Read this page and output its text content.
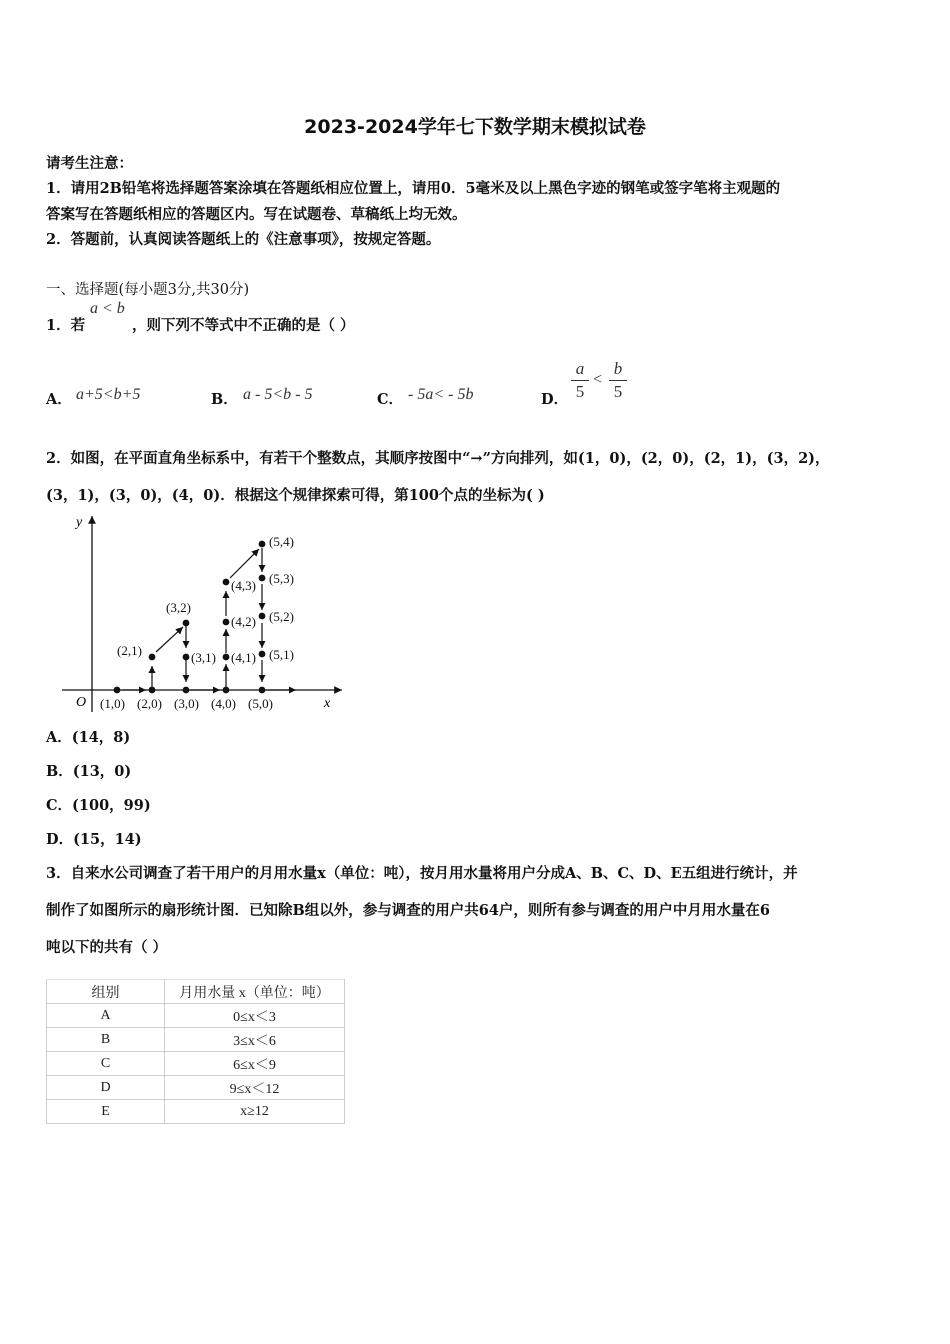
2023-2024学年七下数学期末模拟试卷
请考生注意：
1．请用2B铅笔将选择题答案涂填在答题纸相应位置上，请用0．5毫米及以上黑色字迹的钢笔或签字笔将主观题的
答案写在答题纸相应的答题区内。写在试题卷、草稿纸上均无效。
2．答题前，认真阅读答题纸上的《注意事项》，按规定答题。
一、选择题(每小题3分,共30分)
1．若
a < b
，则下列不等式中不正确的是（ ）
A． a+5<b+5	B． a - 5<b - 5	C． - 5a< - 5b	D．
a
5
<
b
5
2．如图，在平面直角坐标系中，有若干个整数点，其顺序按图中“→”方向排列，如(1，0)，(2，0)，(2，1)，(3，2)，
(3，1)，(3，0)，(4，0)．根据这个规律探索可得，第100个点的坐标为( )
y
x
O (1,0) (2,0) (3,0) (4,0) (5,0)
(2,1)
(3,2)
(3,1) (4,1)
(4,2)
(4,3)
(5,4)
(5,3)
(5,2)
(5,1)
A．(14，8)
B．(13，0)
C．(100，99)
D．(15，14)
3．自来水公司调查了若干用户的月用水量x（单位：吨），按月用水量将用户分成A、B、C、D、E五组进行统计，并
制作了如图所示的扇形统计图．已知除B组以外，参与调查的用户共64户，则所有参与调查的用户中月用水量在6
吨以下的共有（ ）
组别	月用水量 x（单位：吨）
A	0≤x＜3
B	3≤x＜6
C	6≤x＜9
D	9≤x＜12
E	x≥12
